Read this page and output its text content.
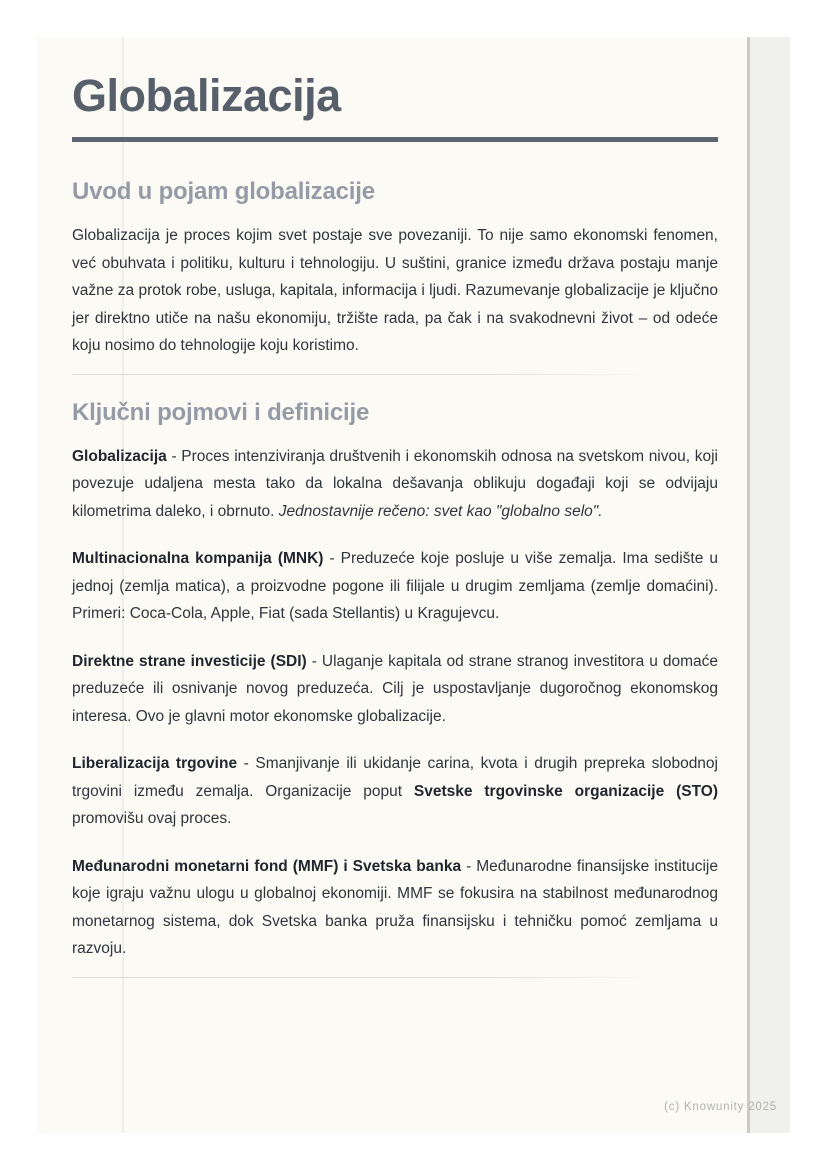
Globalizacija
Uvod u pojam globalizacije

Globalizacija je proces kojim svet postaje sve povezaniji. To nije samo ekonomski fenomen, već obuhvata i politiku, kulturu i tehnologiju. U suštini, granice između država postaju manje važne za protok robe, usluga, kapitala, informacija i ljudi. Razumevanje globalizacije je ključno jer direktno utiče na našu ekonomiju, tržište rada, pa čak i na svakodnevni život – od odeće koju nosimo do tehnologije koju koristimo.

Ključni pojmovi i definicije

Globalizacija - Proces intenziviranja društvenih i ekonomskih odnosa na svetskom nivou, koji povezuje udaljena mesta tako da lokalna dešavanja oblikuju događaji koji se odvijaju kilometrima daleko, i obrnuto. Jednostavnije rečeno: svet kao "globalno selo".

Multinacionalna kompanija (MNK) - Preduzeće koje posluje u više zemalja. Ima sedište u jednoj (zemlja matica), a proizvodne pogone ili filijale u drugim zemljama (zemlje domaćini). Primeri: Coca-Cola, Apple, Fiat (sada Stellantis) u Kragujevcu.

Direktne strane investicije (SDI) - Ulaganje kapitala od strane stranog investitora u domaće preduzeće ili osnivanje novog preduzeća. Cilj je uspostavljanje dugoročnog ekonomskog interesa. Ovo je glavni motor ekonomske globalizacije.

Liberalizacija trgovine - Smanjivanje ili ukidanje carina, kvota i drugih prepreka slobodnoj trgovini između zemalja. Organizacije poput Svetske trgovinske organizacije (STO) promovišu ovaj proces.

Međunarodni monetarni fond (MMF) i Svetska banka - Međunarodne finansijske institucije koje igraju važnu ulogu u globalnoj ekonomiji. MMF se fokusira na stabilnost međunarodnog monetarnog sistema, dok Svetska banka pruža finansijsku i tehničku pomoć zemljama u razvoju.

(c) Knowunity 2025
